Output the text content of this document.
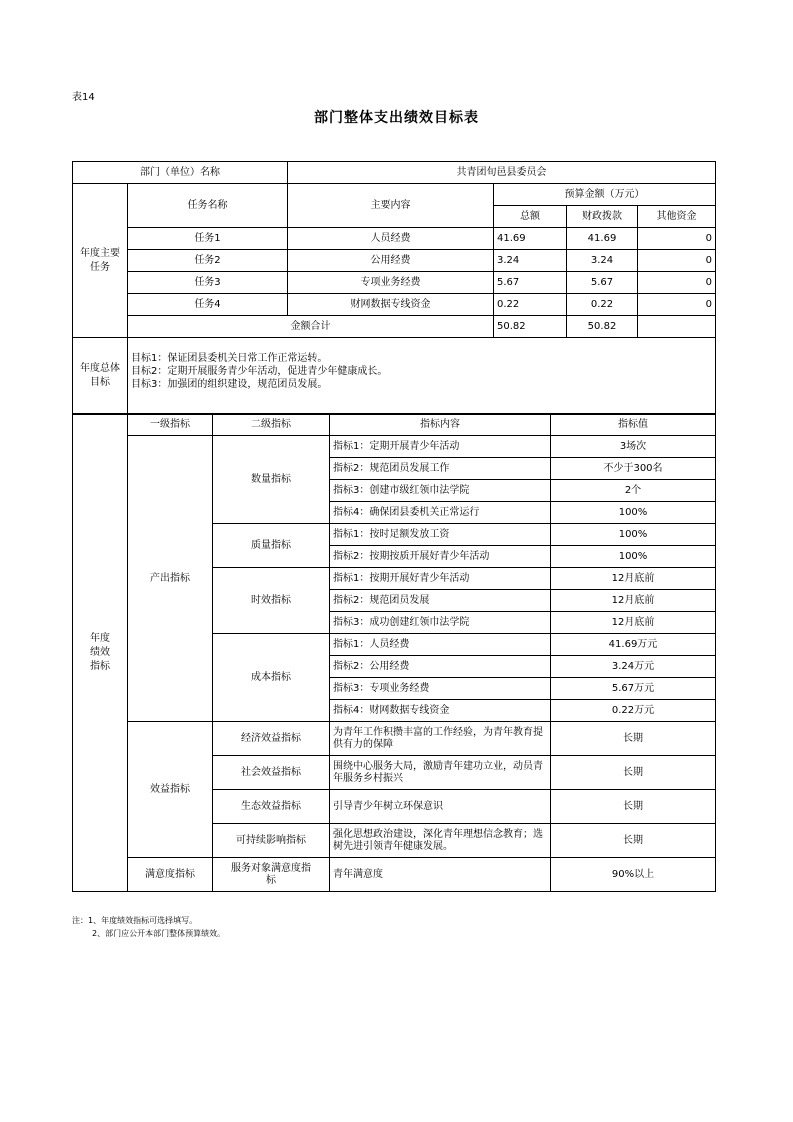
表14
部门整体支出绩效目标表
部门（单位）名称		共青团旬邑县委员会			
年度主要任务	任务名称	主要内容	预算金额（万元）		
			总额	财政拨款	其他资金
	任务1	人员经费	41.69	41.69	0
	任务2	公用经费	3.24	3.24	0
	任务3	专项业务经费	5.67	5.67	0
	任务4	财网数据专线资金	0.22	0.22	0
	金额合计		50.82	50.82	
年度总体目标	目标1：保证团县委机关日常工作正常运转。
目标2：定期开展服务青少年活动，促进青少年健康成长。
目标3：加强团的组织建设，规范团员发展。				
年度绩效指标	一级指标	二级指标	指标内容	指标值
	产出指标	数量指标	指标1：定期开展青少年活动	3场次
			指标2：规范团员发展工作	不少于300名
			指标3：创建市级红领巾法学院	2个
			指标4：确保团县委机关正常运行	100%
		质量指标	指标1：按时足额发放工资	100%
			指标2：按期按质开展好青少年活动	100%
		时效指标	指标1：按期开展好青少年活动	12月底前
			指标2：规范团员发展	12月底前
			指标3：成功创建红领巾法学院	12月底前
		成本指标	指标1：人员经费	41.69万元
			指标2：公用经费	3.24万元
			指标3：专项业务经费	5.67万元
			指标4：财网数据专线资金	0.22万元
	效益指标	经济效益指标	为青年工作积攒丰富的工作经验，为青年教育提供有力的保障	长期
		社会效益指标	围绕中心服务大局，激励青年建功立业，动员青年服务乡村振兴	长期
		生态效益指标	引导青少年树立环保意识	长期
		可持续影响指标	强化思想政治建设，深化青年理想信念教育；选树先进引领青年健康发展。	长期
	满意度指标	服务对象满意度指标	青年满意度	90%以上
注：1、年度绩效指标可选择填写。
2、部门应公开本部门整体预算绩效。
